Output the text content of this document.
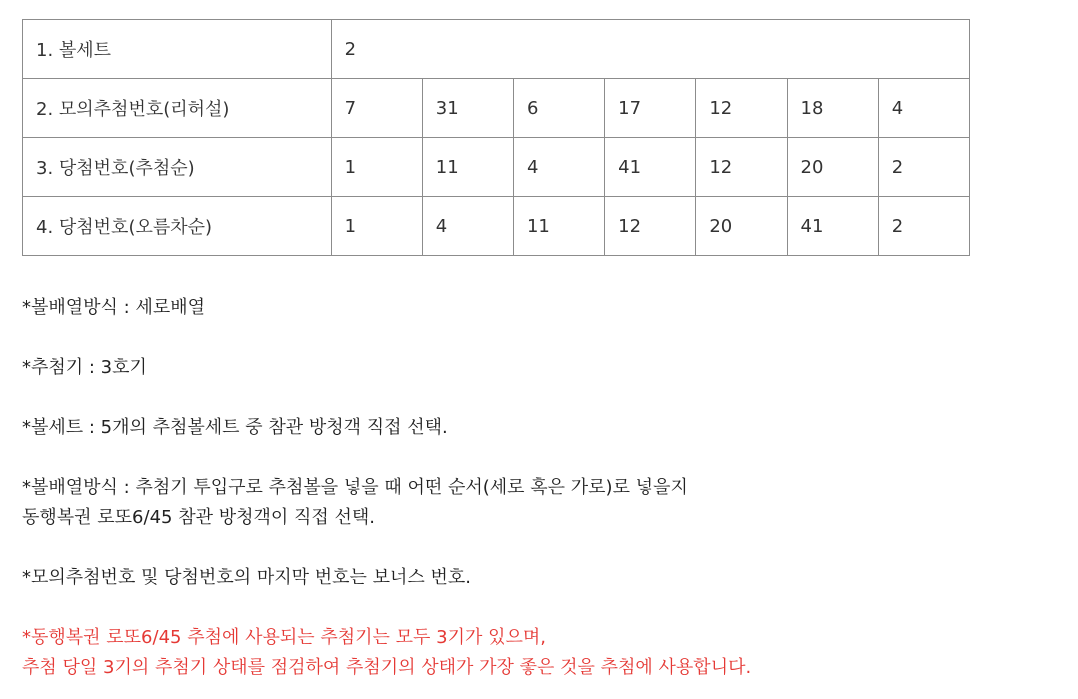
1. 볼세트	2						
2. 모의추첨번호(리허설)	7	31	6	17	12	18	4
3. 당첨번호(추첨순)	1	11	4	41	12	20	2
4. 당첨번호(오름차순)	1	4	11	12	20	41	2
*볼배열방식 : 세로배열
*추첨기 : 3호기
*볼세트 : 5개의 추첨볼세트 중 참관 방청객 직접 선택.
*볼배열방식 : 추첨기 투입구로 추첨볼을 넣을 때 어떤 순서(세로 혹은 가로)로 넣을지
동행복권 로또6/45 참관 방청객이 직접 선택.
*모의추첨번호 및 당첨번호의 마지막 번호는 보너스 번호.
*동행복권 로또6/45 추첨에 사용되는 추첨기는 모두 3기가 있으며,
추첨 당일 3기의 추첨기 상태를 점검하여 추첨기의 상태가 가장 좋은 것을 추첨에 사용합니다.
